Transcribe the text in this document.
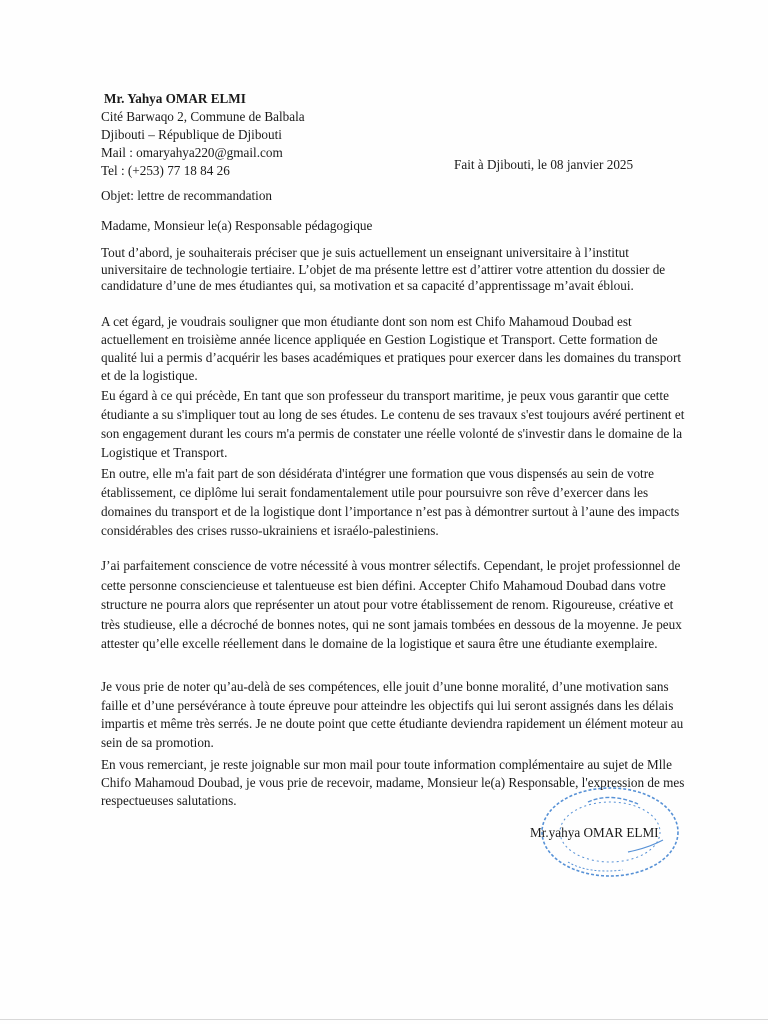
Mr. Yahya OMAR ELMI
Cité Barwaqo 2, Commune de Balbala
Djibouti – République de Djibouti
Mail : omaryahya220@gmail.com
Tel : (+253) 77 18 84 26	Fait à Djibouti, le 08 janvier 2025
Objet: lettre de recommandation
Madame, Monsieur le(a) Responsable pédagogique

Tout d’abord, je souhaiterais préciser que je suis actuellement un enseignant universitaire à l’institut universitaire de technologie tertiaire. L’objet de ma présente lettre est d’attirer votre attention du dossier de candidature d’une de mes étudiantes qui, sa motivation et sa capacité d’apprentissage m’avait ébloui.

A cet égard, je voudrais souligner que mon étudiante dont son nom est Chifo Mahamoud Doubad est actuellement en troisième année licence appliquée en Gestion Logistique et Transport. Cette formation de qualité lui a permis d’acquérir les bases académiques et pratiques pour exercer dans les domaines du transport et de la logistique.

Eu égard à ce qui précède, En tant que son professeur du transport maritime, je peux vous garantir que cette étudiante a su s'impliquer tout au long de ses études. Le contenu de ses travaux s'est toujours avéré pertinent et son engagement durant les cours m'a permis de constater une réelle volonté de s'investir dans le domaine de la Logistique et Transport.

En outre, elle m'a fait part de son désidérata d'intégrer une formation que vous dispensés au sein de votre établissement, ce diplôme lui serait fondamentalement utile pour poursuivre son rêve d’exercer dans les domaines du transport et de la logistique dont l’importance n’est pas à démontrer surtout à l’aune des impacts considérables des crises russo-ukrainiens et israélo-palestiniens.

J’ai parfaitement conscience de votre nécessité à vous montrer sélectifs. Cependant, le projet professionnel de cette personne consciencieuse et talentueuse est bien défini. Accepter Chifo Mahamoud Doubad dans votre structure ne pourra alors que représenter un atout pour votre établissement de renom. Rigoureuse, créative et très studieuse, elle a décroché de bonnes notes, qui ne sont jamais tombées en dessous de la moyenne. Je peux attester qu’elle excelle réellement dans le domaine de la logistique et saura être une étudiante exemplaire.

Je vous prie de noter qu’au-delà de ses compétences, elle jouit d’une bonne moralité, d’une motivation sans faille et d’une persévérance à toute épreuve pour atteindre les objectifs qui lui seront assignés dans les délais impartis et même très serrés. Je ne doute point que cette étudiante deviendra rapidement un élément moteur au sein de sa promotion.

En vous remerciant, je reste joignable sur mon mail pour toute information complémentaire au sujet de Mlle Chifo Mahamoud Doubad, je vous prie de recevoir, madame, Monsieur le(a) Responsable, l'expression de mes respectueuses salutations.

Mr.yahya OMAR ELMI
